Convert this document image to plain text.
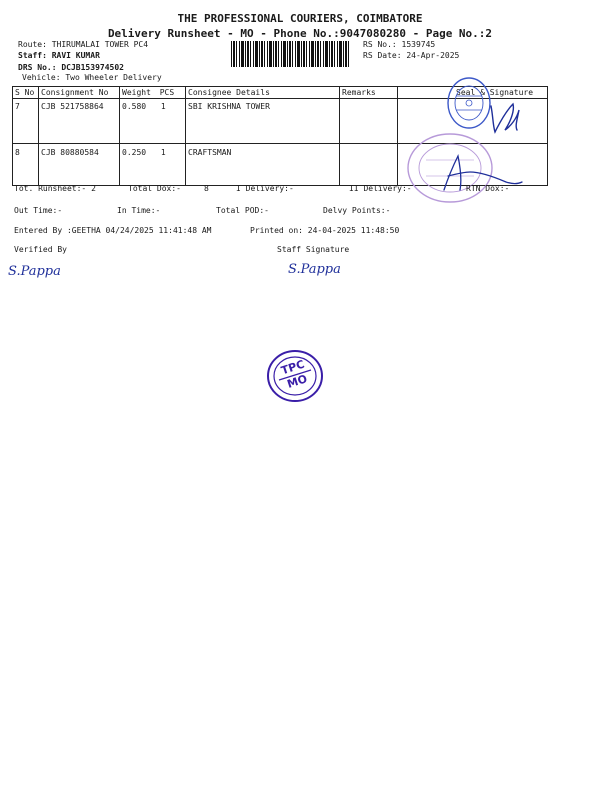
THE PROFESSIONAL COURIERS, COIMBATORE
Delivery Runsheet - MO - Phone No.:9047080280 - Page No.:2
Route: THIRUMALAI TOWER PC4
Staff: RAVI KUMAR
DRS No.: DCJB153974502
Vehicle: Two Wheeler Delivery
RS No.: 1539745
RS Date: 24-Apr-2025
S No	Consignment No	Weight PCS	Consignee Details	Remarks	Seal & Signature
7	CJB 521758864	0.580 1	SBI KRISHNA TOWER		
8	CJB 80880584	0.250 1	CRAFTSMAN		
Tot. Runsheet:- 2	Total Dox:-	8	I Delivery:-	II Delivery:-	RTN Dox:-
Out Time:-	In Time:-	Total POD:-	Delvy Points:-
Entered By :GEETHA 04/24/2025 11:41:48 AM	Printed on: 24-04-2025 11:48:50
Verified By	Staff Signature
S.Pappa	S.Pappa
TPC
MO
